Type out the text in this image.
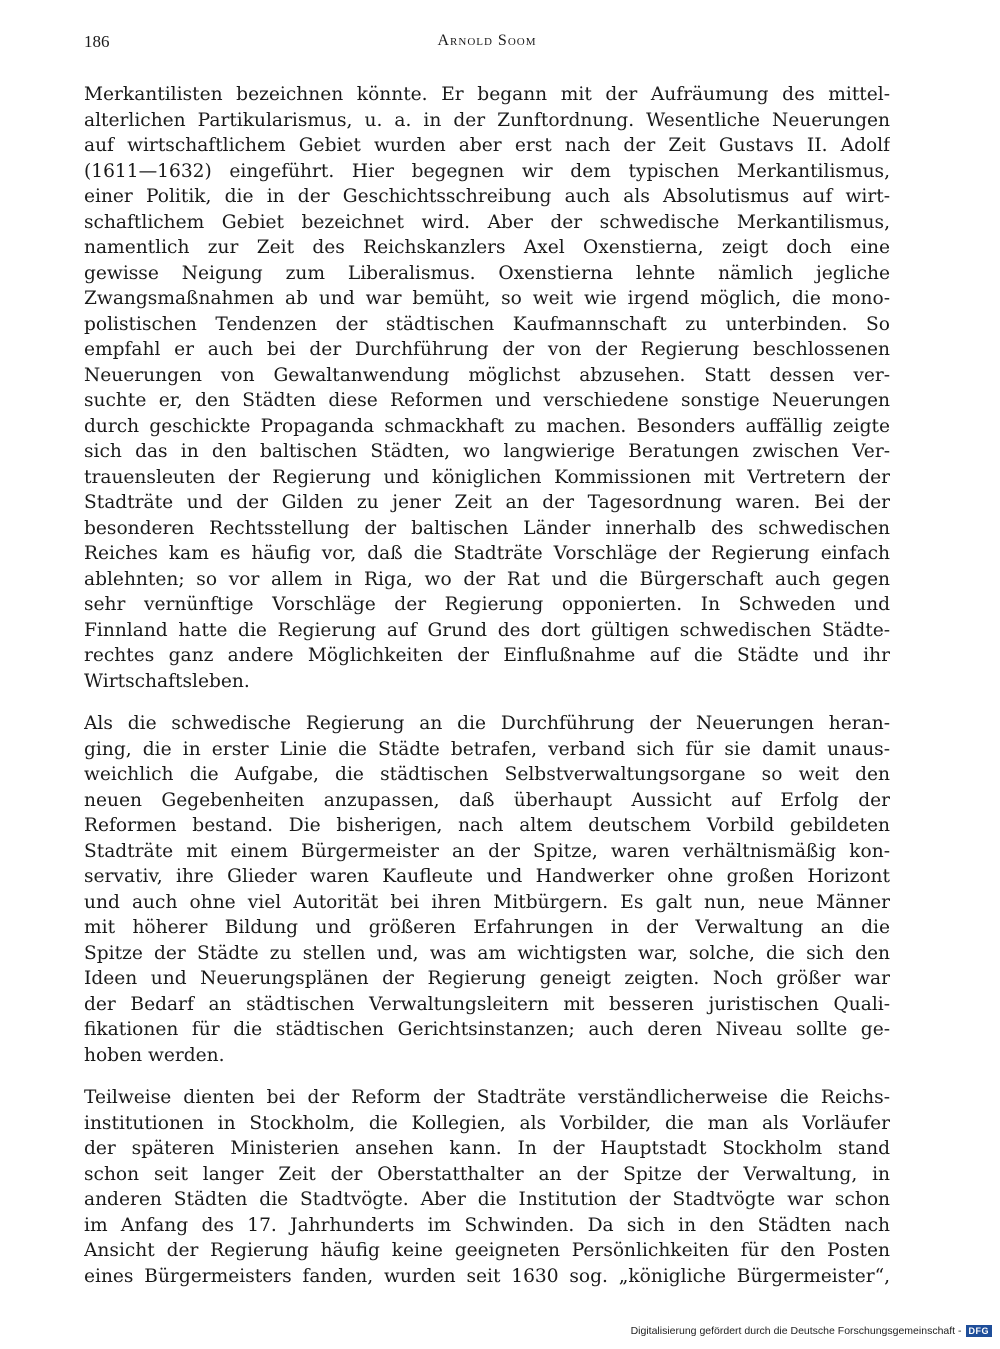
186	Arnold Soom
Merkantilisten bezeichnen könnte. Er begann mit der Aufräumung des mittel-
alterlichen Partikularismus, u. a. in der Zunftordnung. Wesentliche Neuerungen
auf wirtschaftlichem Gebiet wurden aber erst nach der Zeit Gustavs II. Adolf
(1611—1632) eingeführt. Hier begegnen wir dem typischen Merkantilismus,
einer Politik, die in der Geschichtsschreibung auch als Absolutismus auf wirt-
schaftlichem Gebiet bezeichnet wird. Aber der schwedische Merkantilismus,
namentlich zur Zeit des Reichskanzlers Axel Oxenstierna, zeigt doch eine
gewisse Neigung zum Liberalismus. Oxenstierna lehnte nämlich jegliche
Zwangsmaßnahmen ab und war bemüht, so weit wie irgend möglich, die mono-
polistischen Tendenzen der städtischen Kaufmannschaft zu unterbinden. So
empfahl er auch bei der Durchführung der von der Regierung beschlossenen
Neuerungen von Gewaltanwendung möglichst abzusehen. Statt dessen ver-
suchte er, den Städten diese Reformen und verschiedene sonstige Neuerungen
durch geschickte Propaganda schmackhaft zu machen. Besonders auffällig zeigte
sich das in den baltischen Städten, wo langwierige Beratungen zwischen Ver-
trauensleuten der Regierung und königlichen Kommissionen mit Vertretern der
Stadträte und der Gilden zu jener Zeit an der Tagesordnung waren. Bei der
besonderen Rechtsstellung der baltischen Länder innerhalb des schwedischen
Reiches kam es häufig vor, daß die Stadträte Vorschläge der Regierung einfach
ablehnten; so vor allem in Riga, wo der Rat und die Bürgerschaft auch gegen
sehr vernünftige Vorschläge der Regierung opponierten. In Schweden und
Finnland hatte die Regierung auf Grund des dort gültigen schwedischen Städte-
rechtes ganz andere Möglichkeiten der Einflußnahme auf die Städte und ihr
Wirtschaftsleben.
Als die schwedische Regierung an die Durchführung der Neuerungen heran-
ging, die in erster Linie die Städte betrafen, verband sich für sie damit unaus-
weichlich die Aufgabe, die städtischen Selbstverwaltungsorgane so weit den
neuen Gegebenheiten anzupassen, daß überhaupt Aussicht auf Erfolg der
Reformen bestand. Die bisherigen, nach altem deutschem Vorbild gebildeten
Stadträte mit einem Bürgermeister an der Spitze, waren verhältnismäßig kon-
servativ, ihre Glieder waren Kaufleute und Handwerker ohne großen Horizont
und auch ohne viel Autorität bei ihren Mitbürgern. Es galt nun, neue Männer
mit höherer Bildung und größeren Erfahrungen in der Verwaltung an die
Spitze der Städte zu stellen und, was am wichtigsten war, solche, die sich den
Ideen und Neuerungsplänen der Regierung geneigt zeigten. Noch größer war
der Bedarf an städtischen Verwaltungsleitern mit besseren juristischen Quali-
fikationen für die städtischen Gerichtsinstanzen; auch deren Niveau sollte ge-
hoben werden.
Teilweise dienten bei der Reform der Stadträte verständlicherweise die Reichs-
institutionen in Stockholm, die Kollegien, als Vorbilder, die man als Vorläufer
der späteren Ministerien ansehen kann. In der Hauptstadt Stockholm stand
schon seit langer Zeit der Oberstatthalter an der Spitze der Verwaltung, in
anderen Städten die Stadtvögte. Aber die Institution der Stadtvögte war schon
im Anfang des 17. Jahrhunderts im Schwinden. Da sich in den Städten nach
Ansicht der Regierung häufig keine geeigneten Persönlichkeiten für den Posten
eines Bürgermeisters fanden, wurden seit 1630 sog. „königliche Bürgermeister“,
Digitalisierung gefördert durch die Deutsche Forschungsgemeinschaft - DFG
